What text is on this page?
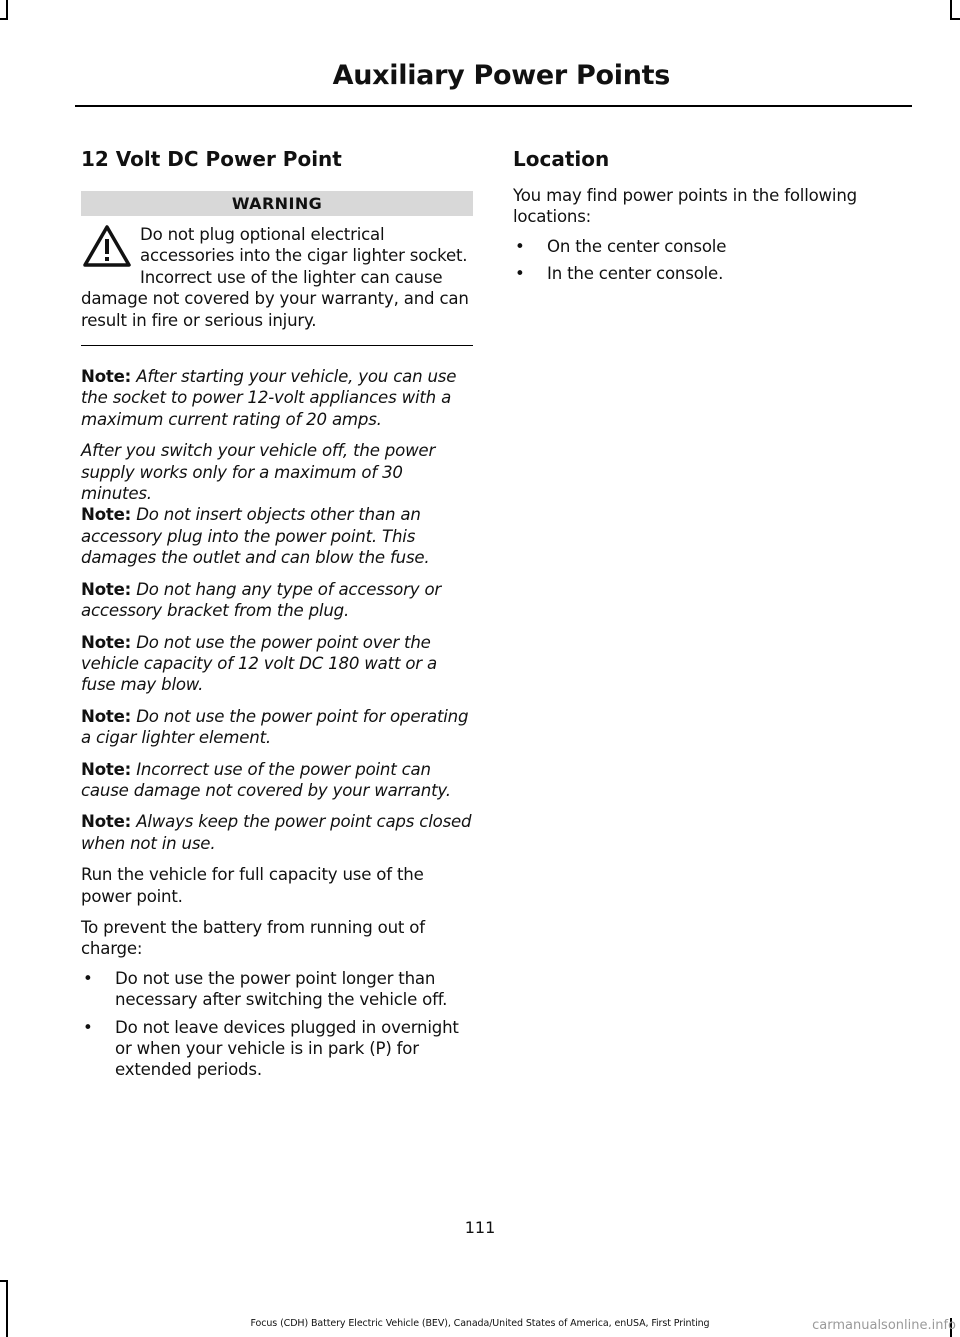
Auxiliary Power Points
12 Volt DC Power Point
WARNING
Do not plug optional electrical accessories into the cigar lighter socket. Incorrect use of the lighter can cause damage not covered by your warranty, and can result in fire or serious injury.

Note: After starting your vehicle, you can use the socket to power 12-volt appliances with a maximum current rating of 20 amps.

After you switch your vehicle off, the power supply works only for a maximum of 30 minutes.

Note: Do not insert objects other than an accessory plug into the power point. This damages the outlet and can blow the fuse.

Note: Do not hang any type of accessory or accessory bracket from the plug.

Note: Do not use the power point over the vehicle capacity of 12 volt DC 180 watt or a fuse may blow.

Note: Do not use the power point for operating a cigar lighter element.

Note: Incorrect use of the power point can cause damage not covered by your warranty.

Note: Always keep the power point caps closed when not in use.

Run the vehicle for full capacity use of the power point.

To prevent the battery from running out of charge:

• Do not use the power point longer than necessary after switching the vehicle off.
• Do not leave devices plugged in overnight or when your vehicle is in park (P) for extended periods.
Location

You may find power points in the following locations:

• On the center console
• In the center console.
111
Focus (CDH) Battery Electric Vehicle (BEV), Canada/United States of America, enUSA, First Printing	carmanualsonline.info
